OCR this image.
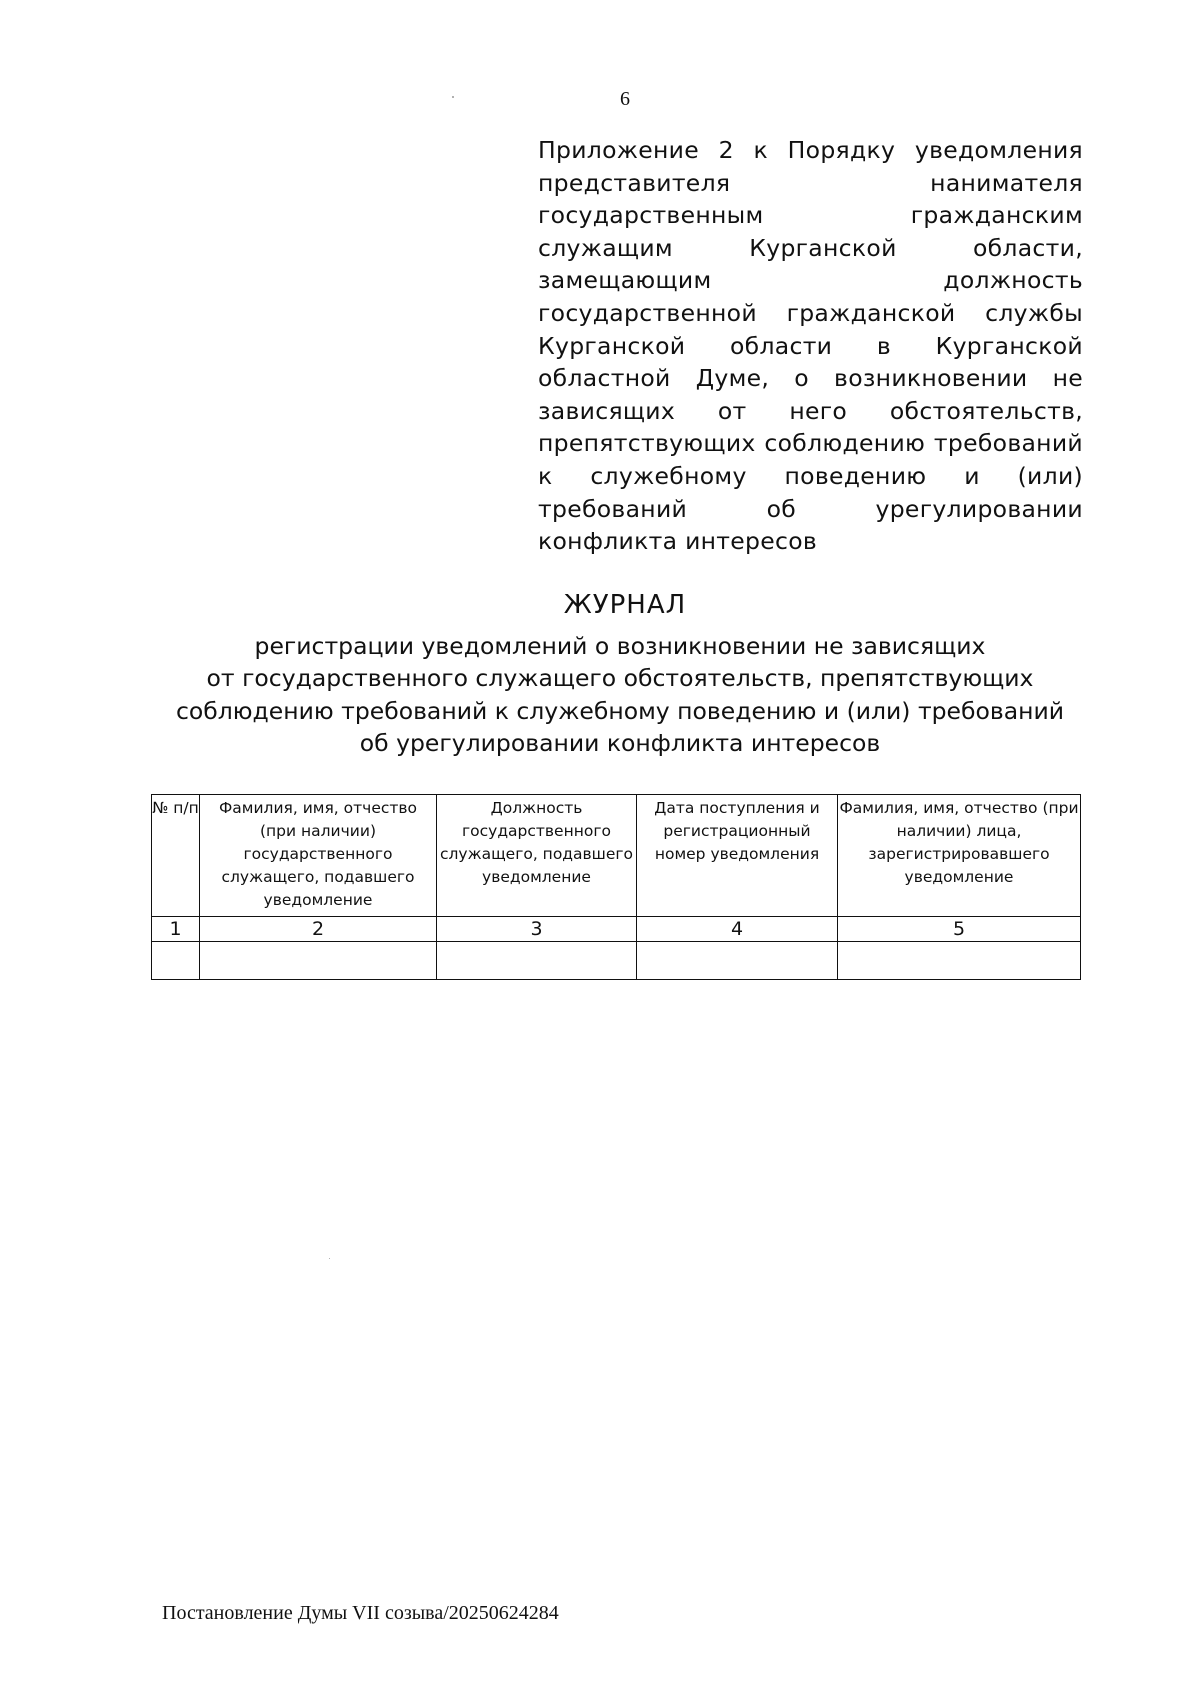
6
Приложение 2 к Порядку уведомления представителя нанимателя государственным гражданским служащим Курганской области, замещающим должность государственной гражданской службы Курганской области в Курганской областной Думе, о возникновении не зависящих от него обстоятельств, препятствующих соблюдению требований к служебному поведению и (или) требований об урегулировании конфликта интересов
ЖУРНАЛ
регистрации уведомлений о возникновении не зависящих
от государственного служащего обстоятельств, препятствующих
соблюдению требований к служебному поведению и (или) требований
об урегулировании конфликта интересов
№ п/п	Фамилия, имя, отчество (при наличии) государственного служащего, подавшего уведомление	Должность государственного служащего, подавшего уведомление	Дата поступления и регистрационный номер уведомления	Фамилия, имя, отчество (при наличии) лица, зарегистрировавшего уведомление
1	2	3	4	5

Постановление Думы VII созыва/20250624284
